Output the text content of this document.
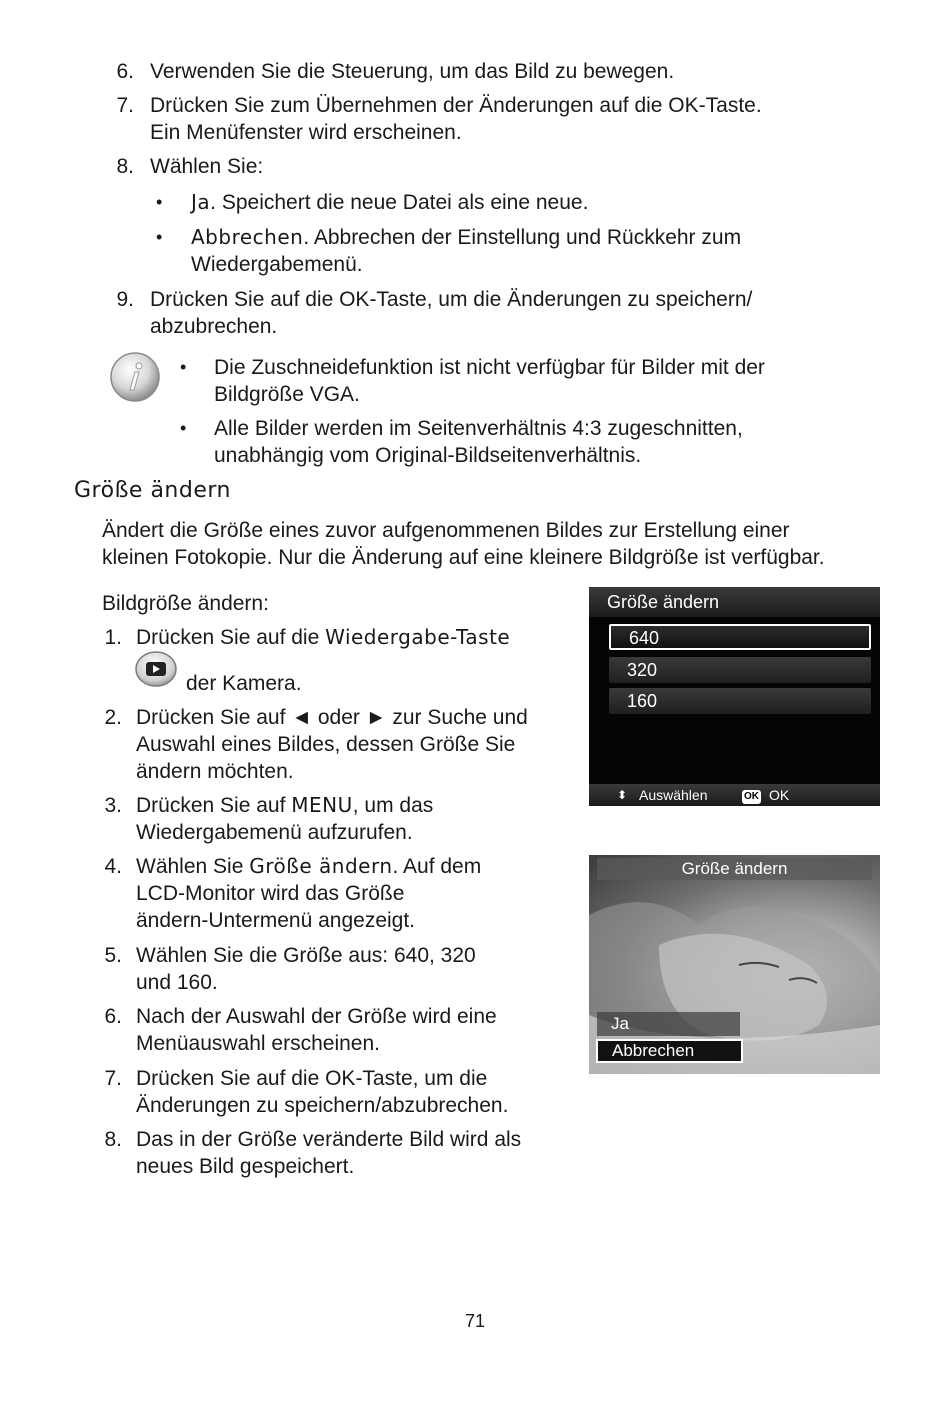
6. Verwenden Sie die Steuerung, um das Bild zu bewegen.
7. Drücken Sie zum Übernehmen der Änderungen auf die OK-Taste.
Ein Menüfenster wird erscheinen.
8. Wählen Sie:
• Ja. Speichert die neue Datei als eine neue.
• Abbrechen. Abbrechen der Einstellung und Rückkehr zum
Wiedergabemenü.
9. Drücken Sie auf die OK-Taste, um die Änderungen zu speichern/
abzubrechen.
• Die Zuschneidefunktion ist nicht verfügbar für Bilder mit der
Bildgröße VGA.
• Alle Bilder werden im Seitenverhältnis 4:3 zugeschnitten,
unabhängig vom Original-Bildseitenverhältnis.
Größe ändern
Ändert die Größe eines zuvor aufgenommenen Bildes zur Erstellung einer
kleinen Fotokopie. Nur die Änderung auf eine kleinere Bildgröße ist verfügbar.
Bildgröße ändern:
1. Drücken Sie auf die Wiedergabe-Taste
der Kamera.
2. Drücken Sie auf ◄ oder ► zur Suche und
Auswahl eines Bildes, dessen Größe Sie
ändern möchten.
3. Drücken Sie auf MENU, um das
Wiedergabemenü aufzurufen.
4. Wählen Sie Größe ändern. Auf dem
LCD-Monitor wird das Größe
ändern-Untermenü angezeigt.
5. Wählen Sie die Größe aus: 640, 320
und 160.
6. Nach der Auswahl der Größe wird eine
Menüauswahl erscheinen.
7. Drücken Sie auf die OK-Taste, um die
Änderungen zu speichern/abzubrechen.
8. Das in der Größe veränderte Bild wird als
neues Bild gespeichert.
Größe ändern
640
320
160
⬍ Auswählen	OK OK
Größe ändern
Ja
Abbrechen
71
